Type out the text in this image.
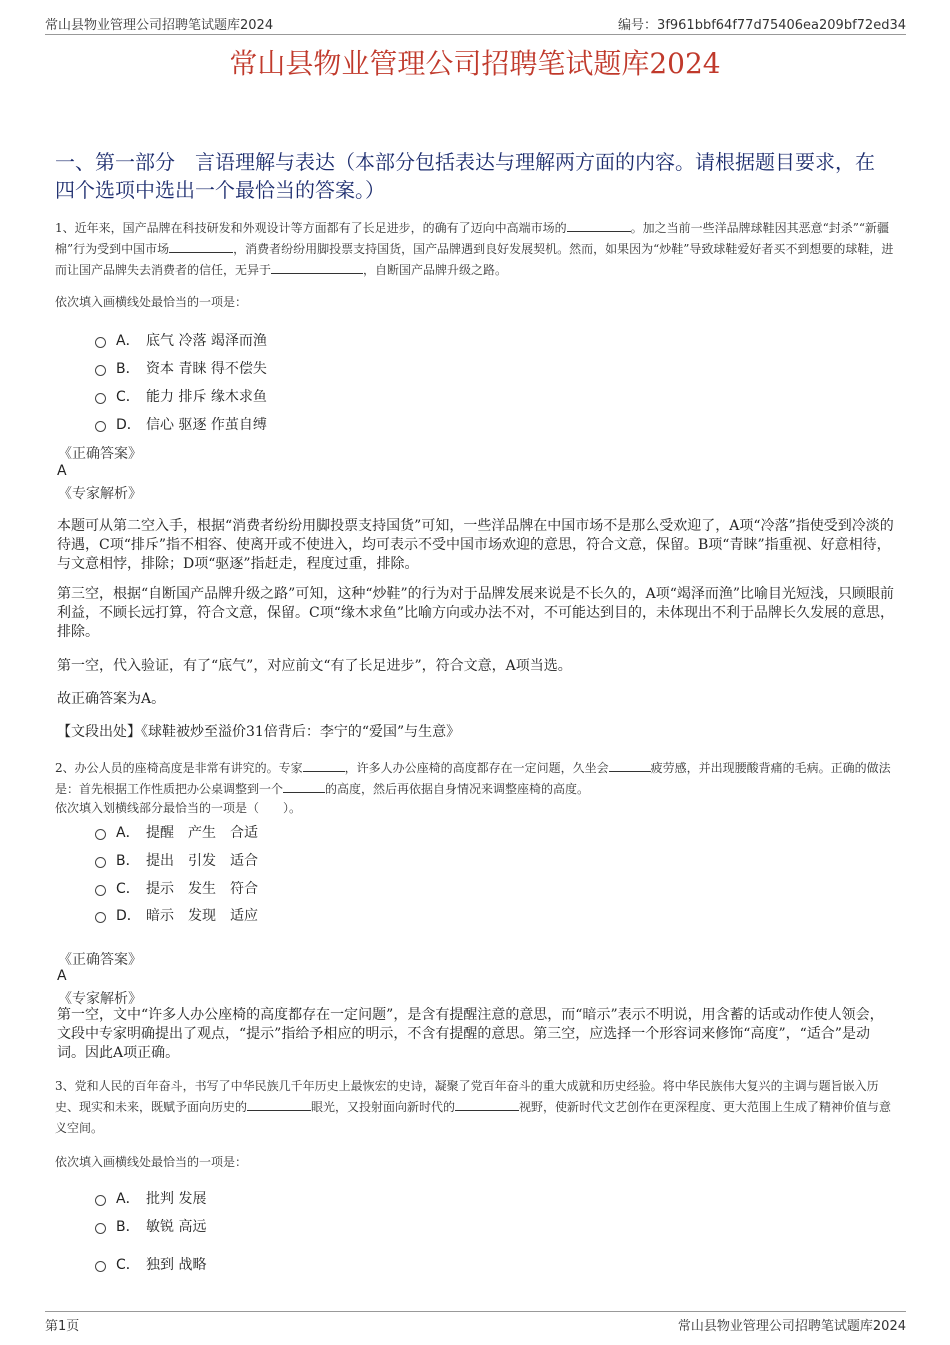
常山县物业管理公司招聘笔试题库2024	编号：3f961bbf64f77d75406ea209bf72ed34
常山县物业管理公司招聘笔试题库2024
一、第一部分　言语理解与表达（本部分包括表达与理解两方面的内容。请根据题目要求，在四个选项中选出一个最恰当的答案。）
1、近年来，国产品牌在科技研发和外观设计等方面都有了长足进步，的确有了迈向中高端市场的	。加之当前一些洋品牌球鞋因其恶意“封杀”“新疆棉”行为受到中国市场	，消费者纷纷用脚投票支持国货，国产品牌遇到良好发展契机。然而，如果因为“炒鞋”导致球鞋爱好者买不到想要的球鞋，进而让国产品牌失去消费者的信任，无异于	，自断国产品牌升级之路。
依次填入画横线处最恰当的一项是：
A． 底气 冷落 竭泽而渔
B． 资本 青睐 得不偿失
C． 能力 排斥 缘木求鱼
D． 信心 驱逐 作茧自缚
《正确答案》
A
《专家解析》
本题可从第二空入手，根据“消费者纷纷用脚投票支持国货”可知，一些洋品牌在中国市场不是那么受欢迎了，A项“冷落”指使受到冷淡的待遇，C项“排斥”指不相容、使离开或不使进入，均可表示不受中国市场欢迎的意思，符合文意，保留。B项“青睐”指重视、好意相待，与文意相悖，排除；D项“驱逐”指赶走，程度过重，排除。
第三空，根据“自断国产品牌升级之路”可知，这种“炒鞋”的行为对于品牌发展来说是不长久的，A项“竭泽而渔”比喻目光短浅，只顾眼前利益，不顾长远打算，符合文意，保留。C项“缘木求鱼”比喻方向或办法不对，不可能达到目的，未体现出不利于品牌长久发展的意思，排除。
第一空，代入验证，有了“底气”，对应前文“有了长足进步”，符合文意，A项当选。
故正确答案为A。
【文段出处】《球鞋被炒至溢价31倍背后：李宁的“爱国”与生意》
2、办公人员的座椅高度是非常有讲究的。专家	，许多人办公座椅的高度都存在一定问题，久坐会	疲劳感，并出现腰酸背痛的毛病。正确的做法是：首先根据工作性质把办公桌调整到一个	的高度，然后再依据自身情况来调整座椅的高度。
依次填入划横线部分最恰当的一项是（　　）。
A． 提醒　产生　合适
B． 提出　引发　适合
C． 提示　发生　符合
D． 暗示　发现　适应
《正确答案》
A
《专家解析》
第一空，文中“许多人办公座椅的高度都存在一定问题”，是含有提醒注意的意思，而“暗示”表示不明说，用含蓄的话或动作使人领会，文段中专家明确提出了观点，“提示”指给予相应的明示，不含有提醒的意思。第三空，应选择一个形容词来修饰“高度”，“适合”是动词。因此A项正确。
3、党和人民的百年奋斗，书写了中华民族几千年历史上最恢宏的史诗，凝聚了党百年奋斗的重大成就和历史经验。将中华民族伟大复兴的主调与题旨嵌入历史、现实和未来，既赋予面向历史的	眼光，又投射面向新时代的	视野，使新时代文艺创作在更深程度、更大范围上生成了精神价值与意义空间。
依次填入画横线处最恰当的一项是：
A． 批判 发展
B． 敏锐 高远
C． 独到 战略
第1页	常山县物业管理公司招聘笔试题库2024
